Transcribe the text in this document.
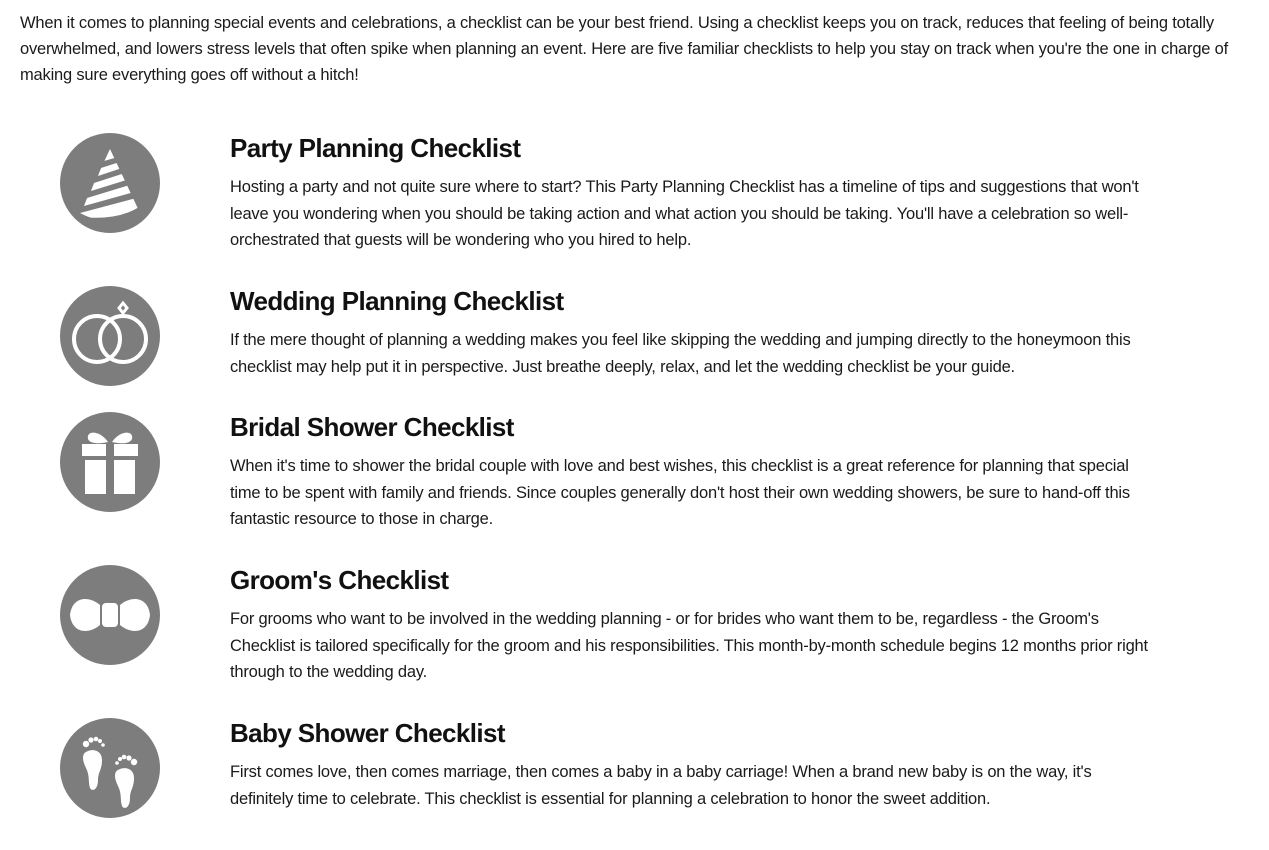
When it comes to planning special events and celebrations, a checklist can be your best friend. Using a checklist keeps you on track, reduces that feeling of being totally overwhelmed, and lowers stress levels that often spike when planning an event. Here are five familiar checklists to help you stay on track when you're the one in charge of making sure everything goes off without a hitch!

Party Planning Checklist

Hosting a party and not quite sure where to start? This Party Planning Checklist has a timeline of tips and suggestions that won't leave you wondering when you should be taking action and what action you should be taking. You'll have a celebration so well-orchestrated that guests will be wondering who you hired to help.

Wedding Planning Checklist

If the mere thought of planning a wedding makes you feel like skipping the wedding and jumping directly to the honeymoon this checklist may help put it in perspective. Just breathe deeply, relax, and let the wedding checklist be your guide.

Bridal Shower Checklist

When it's time to shower the bridal couple with love and best wishes, this checklist is a great reference for planning that special time to be spent with family and friends. Since couples generally don't host their own wedding showers, be sure to hand-off this fantastic resource to those in charge.

Groom's Checklist

For grooms who want to be involved in the wedding planning - or for brides who want them to be, regardless - the Groom's Checklist is tailored specifically for the groom and his responsibilities. This month-by-month schedule begins 12 months prior right through to the wedding day.

Baby Shower Checklist

First comes love, then comes marriage, then comes a baby in a baby carriage! When a brand new baby is on the way, it's definitely time to celebrate. This checklist is essential for planning a celebration to honor the sweet addition.
